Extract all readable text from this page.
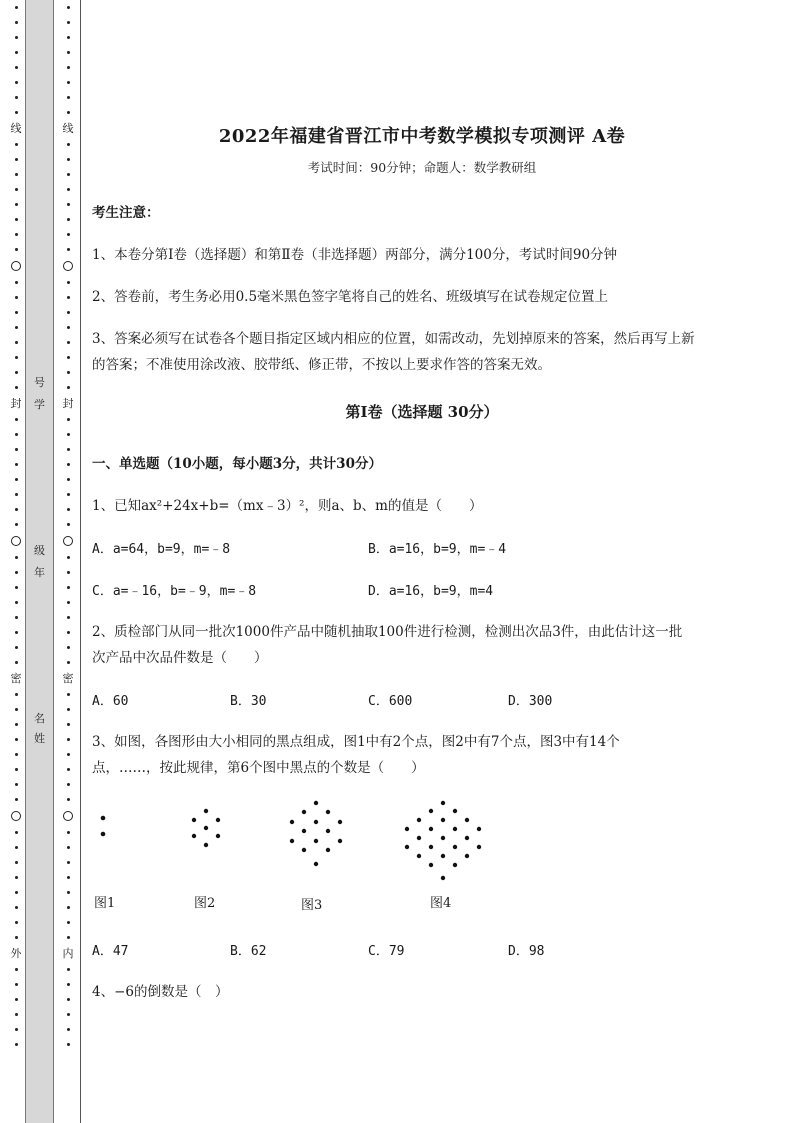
线
封
密
外
号
学
级
年
名
姓
线
封
密
内
2022年福建省晋江市中考数学模拟专项测评 A卷
考试时间：90分钟；命题人：数学教研组
考生注意：
1、本卷分第Ⅰ卷（选择题）和第Ⅱ卷（非选择题）两部分，满分100分，考试时间90分钟
2、答卷前，考生务必用0.5毫米黑色签字笔将自己的姓名、班级填写在试卷规定位置上
3、答案必须写在试卷各个题目指定区域内相应的位置，如需改动，先划掉原来的答案，然后再写上新
的答案；不准使用涂改液、胶带纸、修正带，不按以上要求作答的答案无效。
第Ⅰ卷（选择题 30分）
一、单选题（10小题，每小题3分，共计30分）
1、已知ax²+24x+b=（mx﹣3）²，则a、b、m的值是（　　）
A．a=64，b=9，m=﹣8	B．a=16，b=9，m=﹣4
C．a=﹣16，b=﹣9，m=﹣8	D．a=16，b=9，m=4
2、质检部门从同一批次1000件产品中随机抽取100件进行检测，检测出次品3件，由此估计这一批
次产品中次品件数是（　　）
A．60	B．30	C．600	D．300
3、如图，各图形由大小相同的黑点组成，图1中有2个点，图2中有7个点，图3中有14个
点，……，按此规律，第6个图中黑点的个数是（　　）
图1	图2	图3	图4
A．47	B．62	C．79	D．98
4、−6的倒数是（　）
